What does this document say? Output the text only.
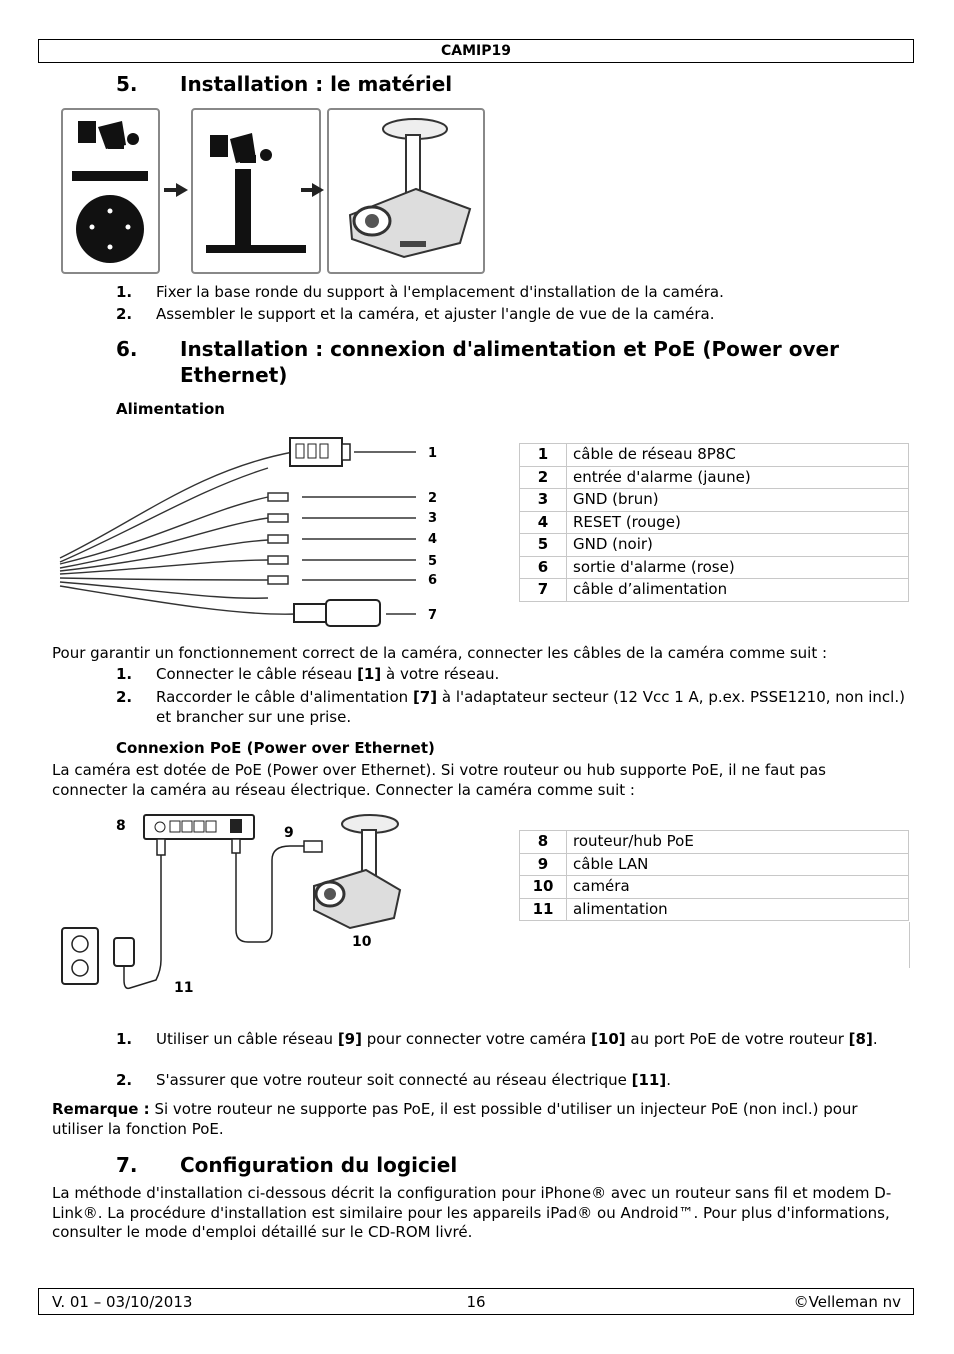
CAMIP19
5. Installation : le matériel
1. Fixer la base ronde du support à l'emplacement d'installation de la caméra.
2. Assembler le support et la caméra, et ajuster l'angle de vue de la caméra.
6. Installation : connexion d'alimentation et PoE (Power over Ethernet)
Alimentation
1
2
3
4
5
6
7
1	câble de réseau 8P8C
2	entrée d'alarme (jaune)
3	GND (brun)
4	RESET (rouge)
5	GND (noir)
6	sortie d'alarme (rose)
7	câble d’alimentation
Pour garantir un fonctionnement correct de la caméra, connecter les câbles de la caméra comme suit :
1. Connecter le câble réseau [1] à votre réseau.
2. Raccorder le câble d'alimentation [7] à l'adaptateur secteur (12 Vcc 1 A, p.ex. PSSE1210, non incl.) et brancher sur une prise.
Connexion PoE (Power over Ethernet)
La caméra est dotée de PoE (Power over Ethernet). Si votre routeur ou hub supporte PoE, il ne faut pas connecter la caméra au réseau électrique. Connecter la caméra comme suit :
8	9
10
11
8	routeur/hub PoE
9	câble LAN
10	caméra
11	alimentation
1. Utiliser un câble réseau [9] pour connecter votre caméra [10] au port PoE de votre routeur [8].
2. S'assurer que votre routeur soit connecté au réseau électrique [11].
Remarque : Si votre routeur ne supporte pas PoE, il est possible d'utiliser un injecteur PoE (non incl.) pour utiliser la fonction PoE.
7. Configuration du logiciel
La méthode d'installation ci-dessous décrit la configuration pour iPhone® avec un routeur sans fil et modem D-Link®. La procédure d'installation est similaire pour les appareils iPad® ou Android™. Pour plus d'informations, consulter le mode d'emploi détaillé sur le CD-ROM livré.
V. 01 – 03/10/2013	16	©Velleman nv
